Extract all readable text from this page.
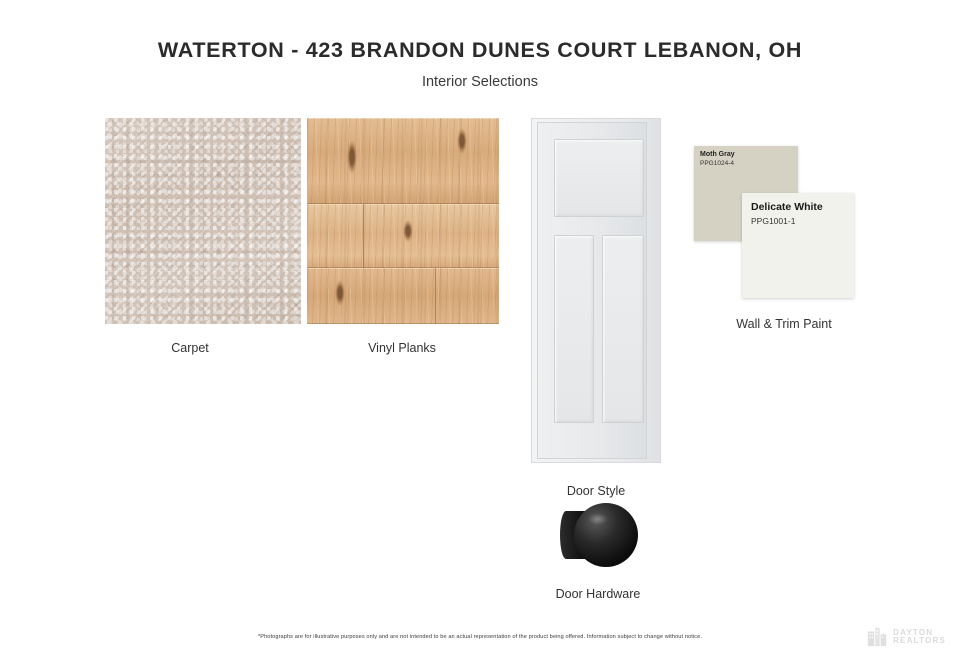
WATERTON - 423 BRANDON DUNES COURT LEBANON, OH
Interior Selections
Carpet	Vinyl Planks
Door Style
Moth Gray
PPG1024-4
Delicate White
PPG1001-1
Wall & Trim Paint
Door Hardware
*Photographs are for illustrative purposes only and are not intended to be an actual representation of the product being offered. Information subject to change without notice.
DAYTON
REALTORS
